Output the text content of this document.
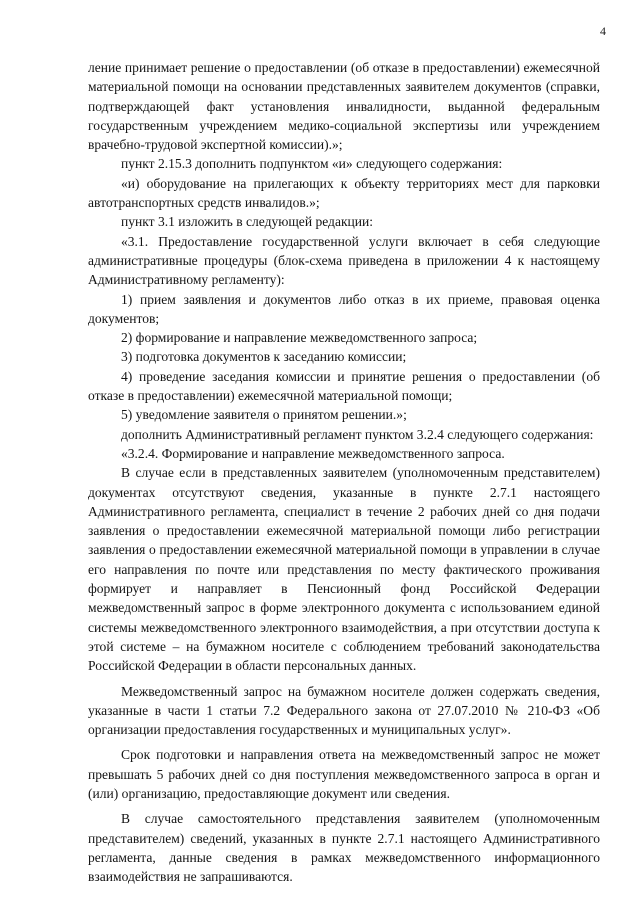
4

ление принимает решение о предоставлении (об отказе в предоставлении) ежемесячной материальной помощи на основании представленных заявителем документов (справки, подтверждающей факт установления инвалидности, выданной федеральным государственным учреждением медико-социальной экспертизы или учреждением врачебно-трудовой экспертной комиссии).»;

пункт 2.15.3 дополнить подпунктом «и» следующего содержания:

«и) оборудование на прилегающих к объекту территориях мест для парковки автотранспортных средств инвалидов.»;

пункт 3.1 изложить в следующей редакции:

«3.1. Предоставление государственной услуги включает в себя следующие административные процедуры (блок-схема приведена в приложении 4 к настоящему Административному регламенту):

1) прием заявления и документов либо отказ в их приеме, правовая оценка документов;

2) формирование и направление межведомственного запроса;

3) подготовка документов к заседанию комиссии;

4) проведение заседания комиссии и принятие решения о предоставлении (об отказе в предоставлении) ежемесячной материальной помощи;

5) уведомление заявителя о принятом решении.»;

дополнить Административный регламент пунктом 3.2.4 следующего содержания:

«3.2.4. Формирование и направление межведомственного запроса.

В случае если в представленных заявителем (уполномоченным представителем) документах отсутствуют сведения, указанные в пункте 2.7.1 настоящего Административного регламента, специалист в течение 2 рабочих дней со дня подачи заявления о предоставлении ежемесячной материальной помощи либо регистрации заявления о предоставлении ежемесячной материальной помощи в управлении в случае его направления по почте или представления по месту фактического проживания формирует и направляет в Пенсионный фонд Российской Федерации межведомственный запрос в форме электронного документа с использованием единой системы межведомственного электронного взаимодействия, а при отсутствии доступа к этой системе – на бумажном носителе с соблюдением требований законодательства Российской Федерации в области персональных данных.

Межведомственный запрос на бумажном носителе должен содержать сведения, указанные в части 1 статьи 7.2 Федерального закона от 27.07.2010 № 210-ФЗ «Об организации предоставления государственных и муниципальных услуг».

Срок подготовки и направления ответа на межведомственный запрос не может превышать 5 рабочих дней со дня поступления межведомственного запроса в орган и (или) организацию, предоставляющие документ или сведения.

В случае самостоятельного представления заявителем (уполномоченным представителем) сведений, указанных в пункте 2.7.1 настоящего Административного регламента, данные сведения в рамках межведомственного информационного взаимодействия не запрашиваются.
